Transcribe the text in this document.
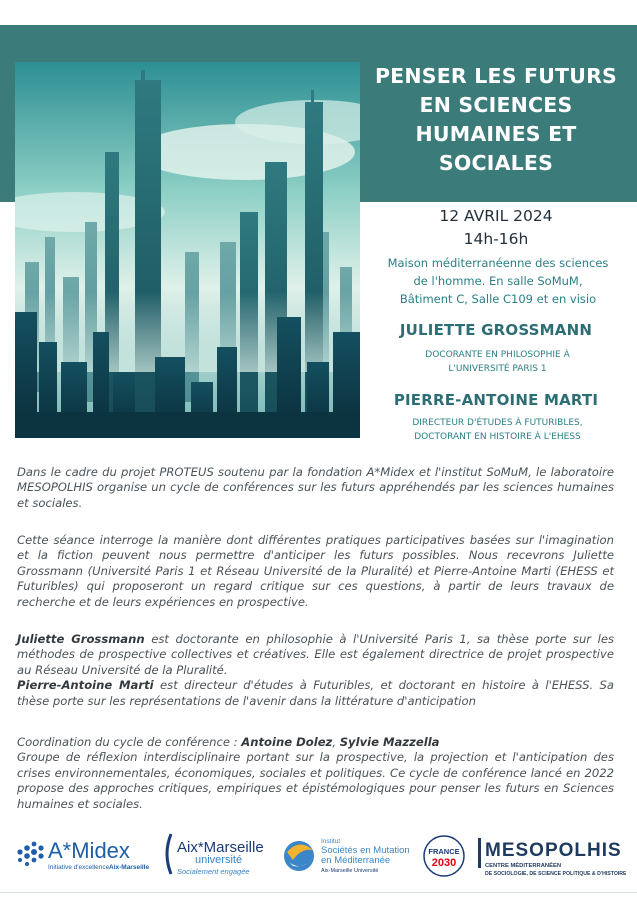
PENSER LES FUTURS
EN SCIENCES
HUMAINES ET
SOCIALES
12 AVRIL 2024
14h-16h
Maison méditerranéenne des sciences
de l'homme. En salle SoMuM,
Bâtiment C, Salle C109 et en visio
JULIETTE GROSSMANN
DOCORANTE EN PHILOSOPHIE À
L'UNIVERSITÉ PARIS 1
PIERRE-ANTOINE MARTI
DIRECTEUR D'ÉTUDES À FUTURIBLES,
DOCTORANT EN HISTOIRE À L'EHESS

Dans le cadre du projet PROTEUS soutenu par la fondation A*Midex et l'institut SoMuM, le laboratoire MESOPOLHIS organise un cycle de conférences sur les futurs appréhendés par les sciences humaines et sociales.

Cette séance interroge la manière dont différentes pratiques participatives basées sur l'imagination et la fiction peuvent nous permettre d'anticiper les futurs possibles. Nous recevrons Juliette Grossmann (Université Paris 1 et Réseau Université de la Pluralité) et Pierre-Antoine Marti (EHESS et Futuribles) qui proposeront un regard critique sur ces questions, à partir de leurs travaux de recherche et de leurs expériences en prospective.

Juliette Grossmann est doctorante en philosophie à l'Université Paris 1, sa thèse porte sur les méthodes de prospective collectives et créatives. Elle est également directrice de projet prospective au Réseau Université de la Pluralité.

Pierre-Antoine Marti est directeur d'études à Futuribles, et doctorant en histoire à l'EHESS. Sa thèse porte sur les représentations de l'avenir dans la littérature d'anticipation

Coordination du cycle de conférence : Antoine Dolez, Sylvie Mazzella

Groupe de réflexion interdisciplinaire portant sur la prospective, la projection et l'anticipation des crises environnementales, économiques, sociales et politiques. Ce cycle de conférence lancé en 2022 propose des approches critiques, empiriques et épistémologiques pour penser les futurs en Sciences humaines et sociales.

A*Midex
Initiative d'excellence Aix-Marseille
Aix*Marseille
université
Socialement engagée
Institut
Sociétés en Mutation
en Méditerranée
Aix-Marseille Université
FRANCE
2030
MESOPOLHIS
CENTRE MÉDITERRANÉEN
DE SOCIOLOGIE, DE SCIENCE POLITIQUE & D'HISTOIRE
